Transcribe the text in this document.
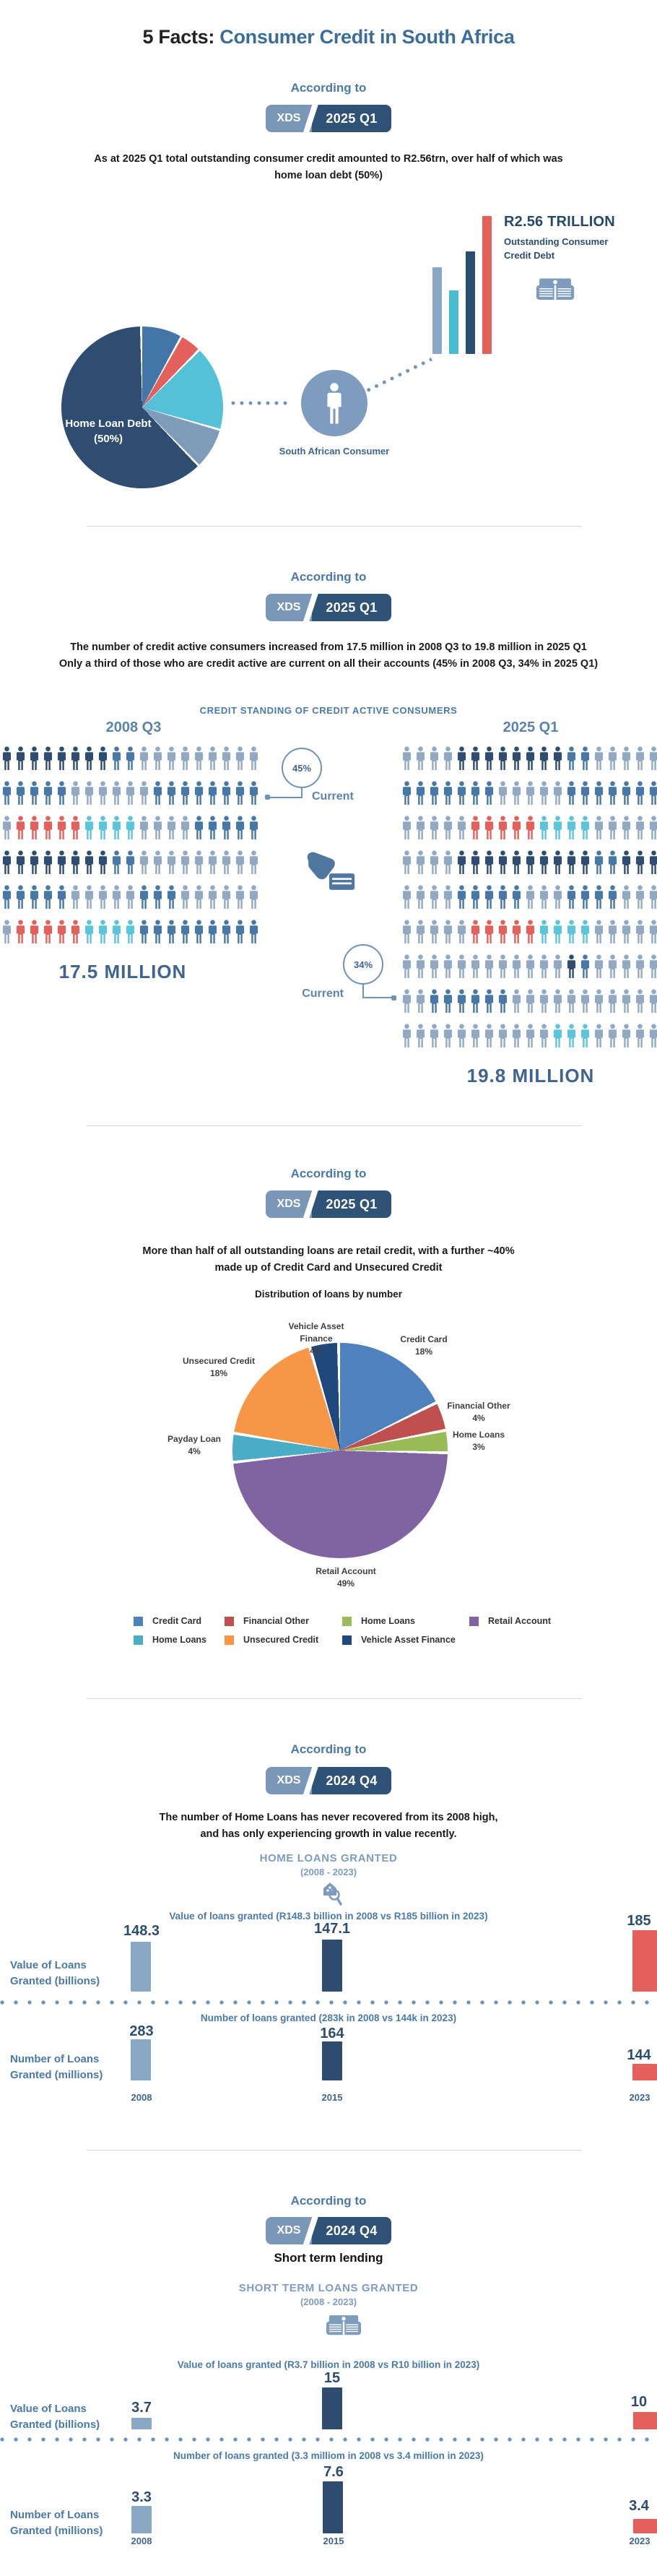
5 Facts: Consumer Credit in South Africa
According to
XDS	2025 Q1
As at 2025 Q1 total outstanding consumer credit amounted to R2.56trn, over half of which was
home loan debt (50%)
Home Loan Debt
(50%)
South African Consumer
R2.56 TRILLION
Outstanding Consumer
Credit Debt
According to
XDS	2025 Q1
The number of credit active consumers increased from 17.5 million in 2008 Q3 to 19.8 million in 2025 Q1
Only a third of those who are credit active are current on all their accounts (45% in 2008 Q3, 34% in 2025 Q1)
CREDIT STANDING OF CREDIT ACTIVE CONSUMERS
2008 Q3	2025 Q1
45%
Current
34%
Current
17.5 MILLION
19.8 MILLION
According to
XDS	2025 Q1
More than half of all outstanding loans are retail credit, with a further ~40%
made up of Credit Card and Unsecured Credit
Distribution of loans by number
Vehicle Asset Finance
4%
Credit Card
18%
Unsecured Credit
18%
Financial Other
4%
Home Loans
3%
Payday Loan
4%
Retail Account
49%
Credit Card	Financial Other	Home Loans	Retail Account
Home Loans	Unsecured Credit	Vehicle Asset Finance
According to
XDS	2024 Q4
The number of Home Loans has never recovered from its 2008 high,
and has only experiencing growth in value recently.
HOME LOANS GRANTED
(2008 - 2023)
Value of loans granted (R148.3 billion in 2008 vs R185 billion in 2023)
148.3	147.1	185
Value of Loans
Granted (billions)
Number of loans granted (283k in 2008 vs 144k in 2023)
283	164
144
Number of Loans
Granted (millions)
2008	2015	2023
According to
XDS	2024 Q4
Short term lending
SHORT TERM LOANS GRANTED
(2008 - 2023)
Value of loans granted (R3.7 billion in 2008 vs R10 billion in 2023)
15
3.7	10
Value of Loans
Granted (billions)
Number of loans granted (3.3 milliom in 2008 vs 3.4 million in 2023)
7.6
3.3
3.4
Number of Loans
Granted (millions)
2008	2015	2023
